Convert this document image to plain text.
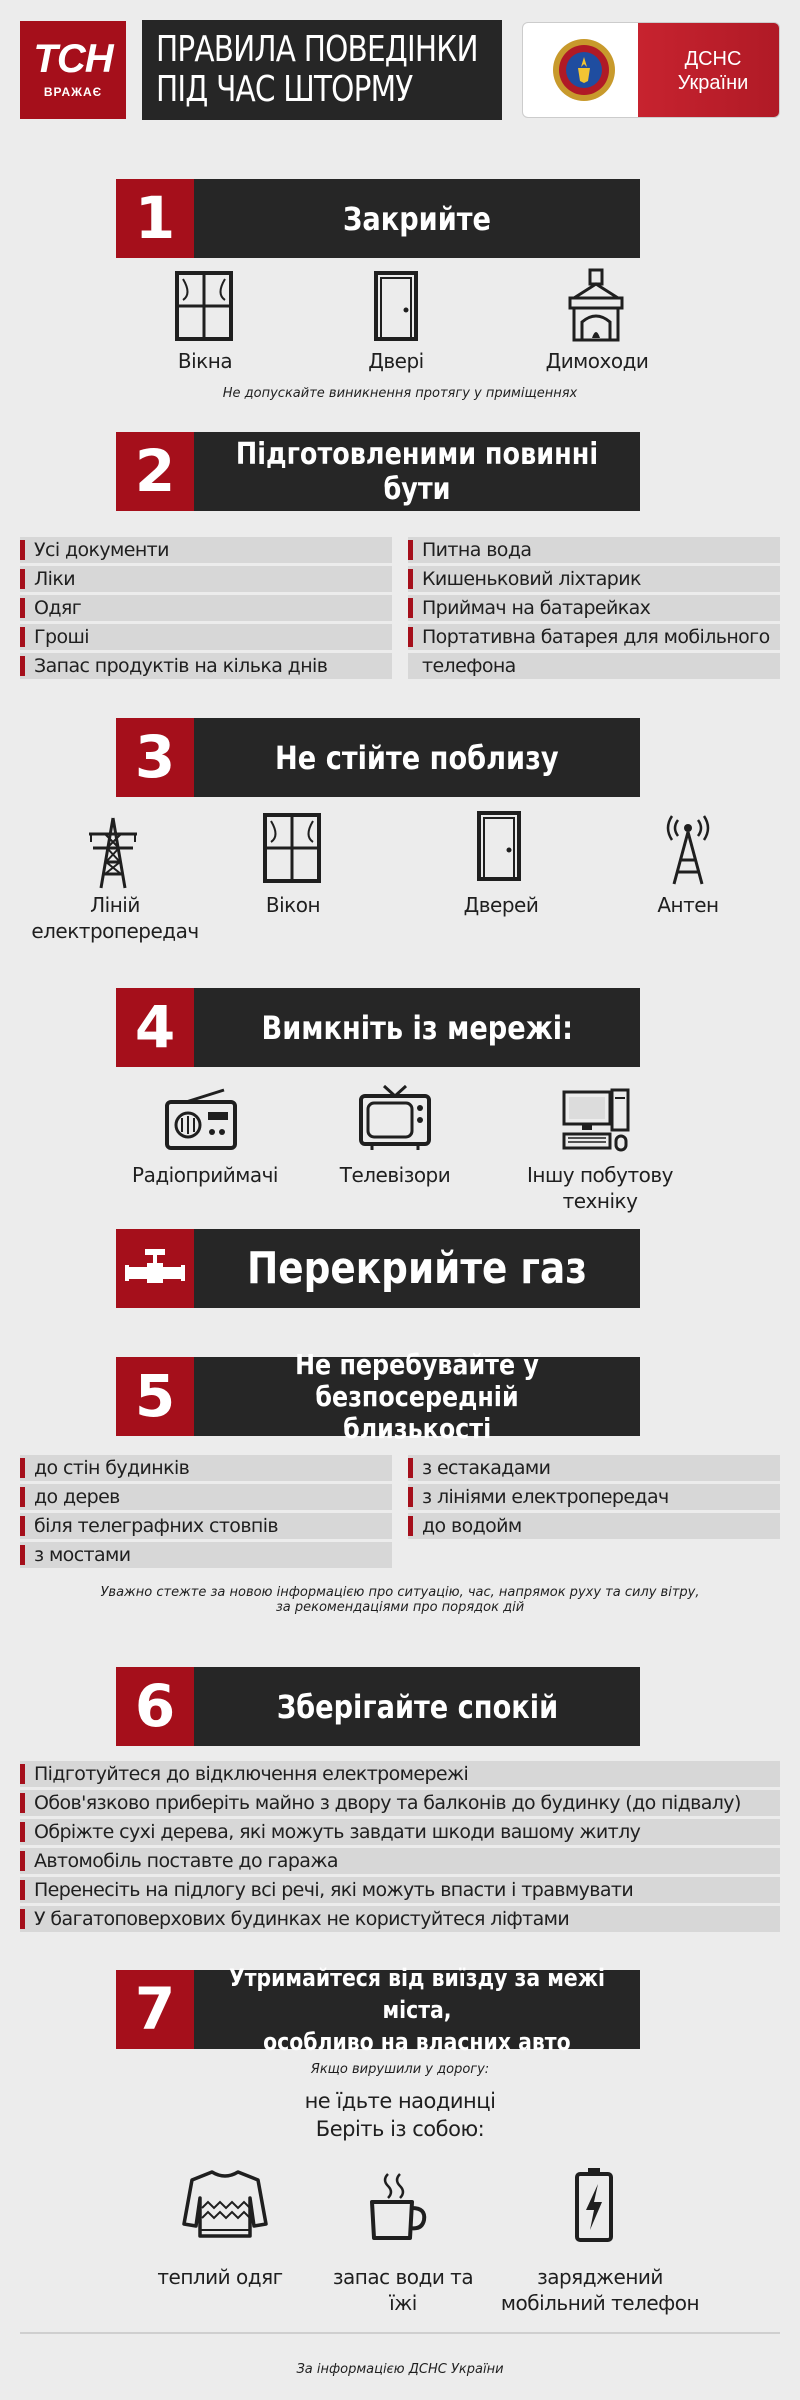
ТСН
ВРАЖАЄ
ПРАВИЛА ПОВЕДІНКИ
ПІД ЧАС ШТОРМУ
ДСНС
України
1	Закрийте
Вікна	Двері	Димоходи
Не допускайте виникнення протягу у приміщеннях
2	Підготовленими повинні бути
Усі документи
Ліки
Одяг
Гроші
Запас продуктів на кілька днів
Питна вода
Кишеньковий ліхтарик
Приймач на батарейках
Портативна батарея для мобільного
телефона
3	Не стійте поблизу
Ліній
електропередач
Вікон	Дверей	Антен
4	Вимкніть із мережі:
Радіоприймачі	Телевізори	Іншу побутову
техніку
Перекрийте газ
5	Не перебувайте у безпосередній
близькості
до стін будинків
до дерев
біля телеграфних стовпів
з мостами
з естакадами
з лініями електропередач
до водойм
Уважно стежте за новою інформацією про ситуацію, час, напрямок руху та силу вітру,
за рекомендаціями про порядок дій
6	Зберігайте спокій
Підготуйтеся до відключення електромережі
Обов'язково приберіть майно з двору та балконів до будинку (до підвалу)
Обріжте сухі дерева, які можуть завдати шкоди вашому житлу
Автомобіль поставте до гаража
Перенесіть на підлогу всі речі, які можуть впасти і травмувати
У багатоповерхових будинках не користуйтеся ліфтами
7	Утримайтеся від виїзду за межі міста,
особливо на власних авто
Якщо вирушили у дорогу:
не їдьте наодинці
Беріть із собою:
теплий одяг	запас води та їжі
заряджений
мобільний телефон
За інформацією ДСНС України
